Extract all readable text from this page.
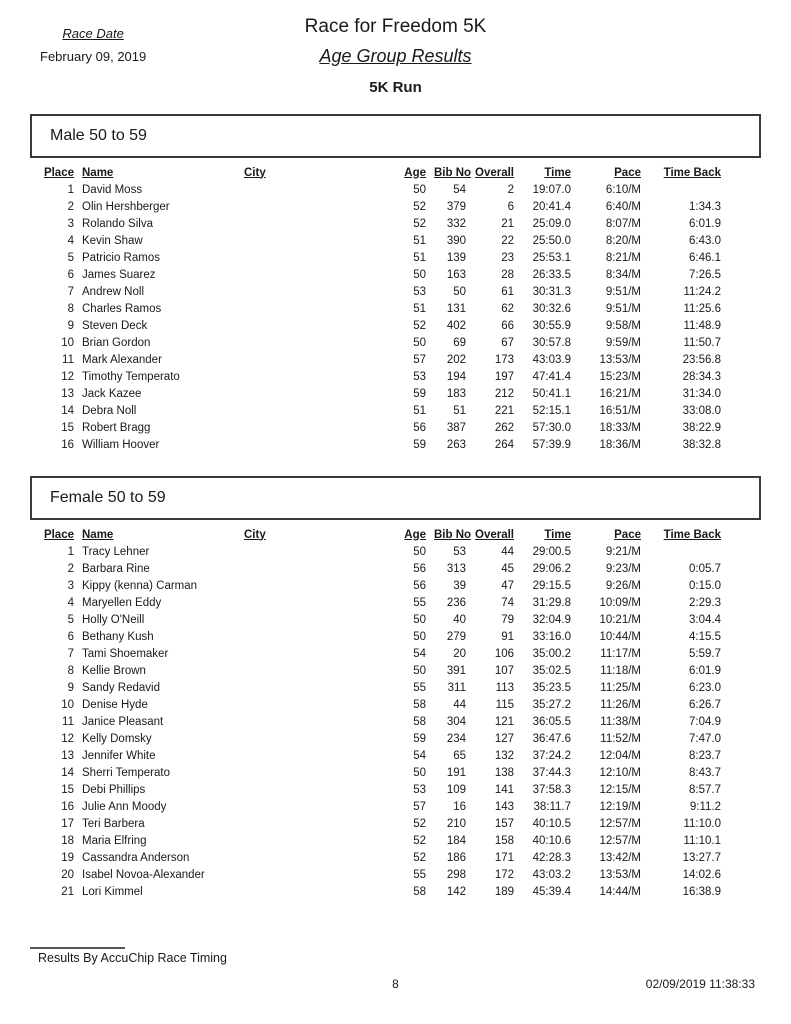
Race Date
February 09, 2019
Race for Freedom 5K
Age Group Results
5K Run
Male 50 to 59
Place	Name	City	Age	Bib No	Overall	Time	Pace	Time Back
1	David Moss		50	54	2	19:07.0	6:10/M	
2	Olin Hershberger		52	379	6	20:41.4	6:40/M	1:34.3
3	Rolando Silva		52	332	21	25:09.0	8:07/M	6:01.9
4	Kevin Shaw		51	390	22	25:50.0	8:20/M	6:43.0
5	Patricio Ramos		51	139	23	25:53.1	8:21/M	6:46.1
6	James Suarez		50	163	28	26:33.5	8:34/M	7:26.5
7	Andrew Noll		53	50	61	30:31.3	9:51/M	11:24.2
8	Charles Ramos		51	131	62	30:32.6	9:51/M	11:25.6
9	Steven Deck		52	402	66	30:55.9	9:58/M	11:48.9
10	Brian Gordon		50	69	67	30:57.8	9:59/M	11:50.7
11	Mark Alexander		57	202	173	43:03.9	13:53/M	23:56.8
12	Timothy Temperato		53	194	197	47:41.4	15:23/M	28:34.3
13	Jack Kazee		59	183	212	50:41.1	16:21/M	31:34.0
14	Debra Noll		51	51	221	52:15.1	16:51/M	33:08.0
15	Robert Bragg		56	387	262	57:30.0	18:33/M	38:22.9
16	William Hoover		59	263	264	57:39.9	18:36/M	38:32.8
Female 50 to 59
Place	Name	City	Age	Bib No	Overall	Time	Pace	Time Back
1	Tracy Lehner		50	53	44	29:00.5	9:21/M	
2	Barbara Rine		56	313	45	29:06.2	9:23/M	0:05.7
3	Kippy (kenna) Carman		56	39	47	29:15.5	9:26/M	0:15.0
4	Maryellen Eddy		55	236	74	31:29.8	10:09/M	2:29.3
5	Holly O'Neill		50	40	79	32:04.9	10:21/M	3:04.4
6	Bethany Kush		50	279	91	33:16.0	10:44/M	4:15.5
7	Tami Shoemaker		54	20	106	35:00.2	11:17/M	5:59.7
8	Kellie Brown		50	391	107	35:02.5	11:18/M	6:01.9
9	Sandy Redavid		55	311	113	35:23.5	11:25/M	6:23.0
10	Denise Hyde		58	44	115	35:27.2	11:26/M	6:26.7
11	Janice Pleasant		58	304	121	36:05.5	11:38/M	7:04.9
12	Kelly Domsky		59	234	127	36:47.6	11:52/M	7:47.0
13	Jennifer White		54	65	132	37:24.2	12:04/M	8:23.7
14	Sherri Temperato		50	191	138	37:44.3	12:10/M	8:43.7
15	Debi Phillips		53	109	141	37:58.3	12:15/M	8:57.7
16	Julie Ann Moody		57	16	143	38:11.7	12:19/M	9:11.2
17	Teri Barbera		52	210	157	40:10.5	12:57/M	11:10.0
18	Maria Elfring		52	184	158	40:10.6	12:57/M	11:10.1
19	Cassandra Anderson		52	186	171	42:28.3	13:42/M	13:27.7
20	Isabel Novoa-Alexander		55	298	172	43:03.2	13:53/M	14:02.6
21	Lori Kimmel		58	142	189	45:39.4	14:44/M	16:38.9
Results By AccuChip Race Timing
8	02/09/2019 11:38:33
